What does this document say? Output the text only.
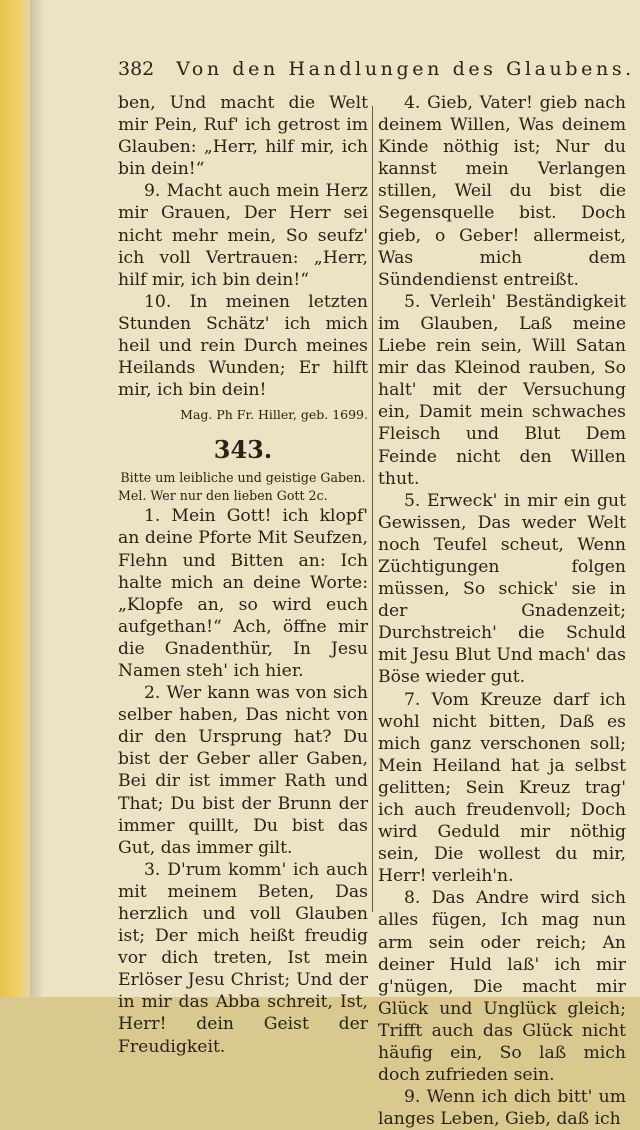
382 Von den Handlungen des Glaubens.

ben, Und macht die Welt mir Pein, Ruf' ich getrost im Glauben: „Herr, hilf mir, ich bin dein!“

9. Macht auch mein Herz mir Grauen, Der Herr sei nicht mehr mein, So seufz' ich voll Vertrauen: „Herr, hilf mir, ich bin dein!“

10. In meinen letzten Stunden Schätz' ich mich heil und rein Durch meines Heilands Wunden; Er hilft mir, ich bin dein!

Mag. Ph Fr. Hiller, geb. 1699.

343.

Bitte um leibliche und geistige Gaben.

Mel. Wer nur den lieben Gott 2c.

1. Mein Gott! ich klopf' an deine Pforte Mit Seufzen, Flehn und Bitten an: Ich halte mich an deine Worte: „Klopfe an, so wird euch aufgethan!“ Ach, öffne mir die Gnadenthür, In Jesu Namen steh' ich hier.

2. Wer kann was von sich selber haben, Das nicht von dir den Ursprung hat? Du bist der Geber aller Gaben, Bei dir ist immer Rath und That; Du bist der Brunn der immer quillt, Du bist das Gut, das immer gilt.

3. D'rum komm' ich auch mit meinem Beten, Das herzlich und voll Glauben ist; Der mich heißt freudig vor dich treten, Ist mein Erlöser Jesu Christ; Und der in mir das Abba schreit, Ist, Herr! dein Geist der Freudigkeit.

4. Gieb, Vater! gieb nach deinem Willen, Was deinem Kinde nöthig ist; Nur du kannst mein Verlangen stillen, Weil du bist die Segensquelle bist. Doch gieb, o Geber! allermeist, Was mich dem Sündendienst entreißt.

5. Verleih' Beständigkeit im Glauben, Laß meine Liebe rein sein, Will Satan mir das Kleinod rauben, So halt' mit der Versuchung ein, Damit mein schwaches Fleisch und Blut Dem Feinde nicht den Willen thut.

5. Erweck' in mir ein gut Gewissen, Das weder Welt noch Teufel scheut, Wenn Züchtigungen folgen müssen, So schick' sie in der Gnadenzeit; Durchstreich' die Schuld mit Jesu Blut Und mach' das Böse wieder gut.

7. Vom Kreuze darf ich wohl nicht bitten, Daß es mich ganz verschonen soll; Mein Heiland hat ja selbst gelitten; Sein Kreuz trag' ich auch freudenvoll; Doch wird Geduld mir nöthig sein, Die wollest du mir, Herr! verleih'n.

8. Das Andre wird sich alles fügen, Ich mag nun arm sein oder reich; An deiner Huld laß' ich mir g'nügen, Die macht mir Glück und Unglück gleich; Trifft auch das Glück nicht häufig ein, So laß mich doch zufrieden sein.

9. Wenn ich dich bitt' um langes Leben, Gieb, daß ich
